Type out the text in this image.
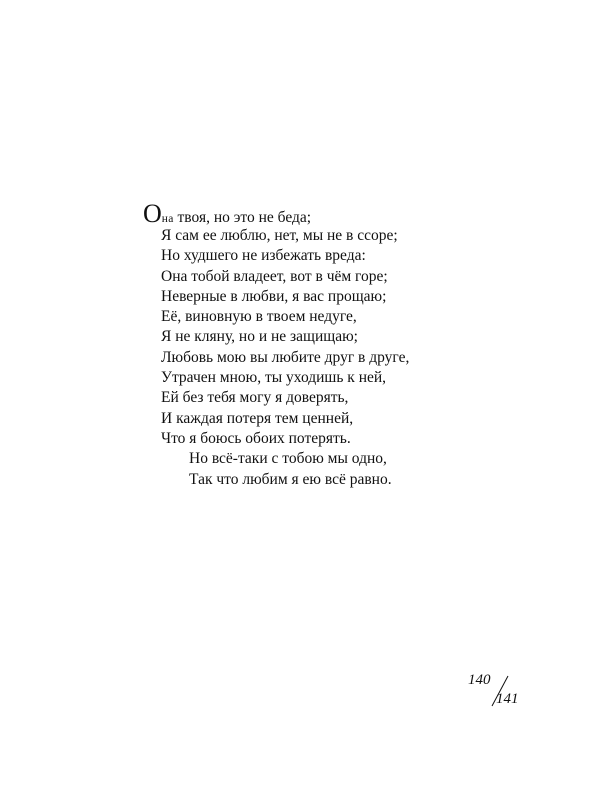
Она твоя, но это не беда;
Я сам ее люблю, нет, мы не в ссоре;
Но худшего не избежать вреда:
Она тобой владеет, вот в чём горе;
Неверные в любви, я вас прощаю;
Её, виновную в твоем недуге,
Я не кляну, но и не защищаю;
Любовь мою вы любите друг в друге,
Утрачен мною, ты уходишь к ней,
Ей без тебя могу я доверять,
И каждая потеря тем ценней,
Что я боюсь обоих потерять.
Но всё-таки с тобою мы одно,
Так что любим я ею всё равно.
140
141
